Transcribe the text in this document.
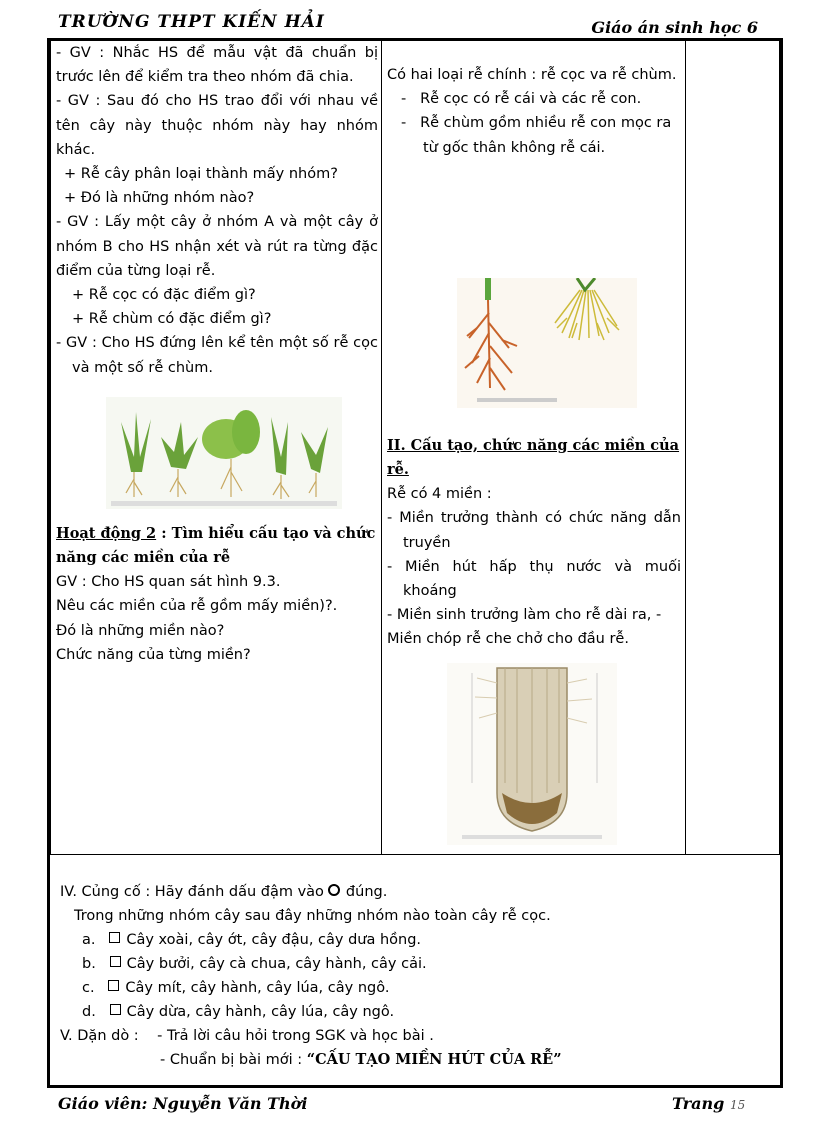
TRƯỜNG THPT KIẾN HẢI	Giáo án sinh học 6

- GV : Nhắc HS để mẫu vật đã chuẩn bị trước lên để kiểm tra theo nhóm đã chia.

- GV : Sau đó cho HS trao đổi với nhau về tên cây này thuộc nhóm này hay nhóm khác.

+ Rễ cây phân loại thành mấy nhóm?

+ Đó là những nhóm nào?

- GV : Lấy một cây ở nhóm A và một cây ở nhóm B cho HS nhận xét và rút ra từng đặc điểm của từng loại rễ.

+ Rễ cọc có đặc điểm gì?

+ Rễ chùm có đặc điểm gì?

- GV : Cho HS đứng lên kể tên một số rễ cọc và một số rễ chùm.

Hoạt động 2 : Tìm hiểu cấu tạo và chức năng các miền của rễ

GV : Cho HS quan sát hình 9.3.

Nêu các miền của rễ gồm mấy miền)?.

Đó là những miền nào?

Chức năng của từng miền?

Có hai loại rễ chính : rễ cọc va rễ chùm.

-   Rễ cọc có rễ cái và các rễ con.

-   Rễ chùm gồm nhiều rễ con mọc ra từ gốc thân không rễ cái.

II. Cấu tạo, chức năng các miền của rễ.

Rễ có 4 miền :

- Miền trưởng thành có chức năng dẫn truyền

- Miền hút hấp thụ nước và muối khoáng

- Miền sinh trưởng làm cho rễ dài ra, - Miền chóp rễ che chở cho đầu rễ.

IV. Củng cố : Hãy đánh dấu đậm vào đúng.

Trong những nhóm cây sau đây những nhóm nào toàn cây rễ cọc.

a. Cây xoài, cây ớt, cây đậu, cây dưa hồng.

b. Cây bưởi, cây cà chua, cây hành, cây cải.

c. Cây mít, cây hành, cây lúa, cây ngô.

d. Cây dừa, cây hành, cây lúa, cây ngô.

V. Dặn dò : - Trả lời câu hỏi trong SGK và học bài .

- Chuẩn bị bài mới : “CẤU TẠO MIỀN HÚT CỦA RỄ”

Giáo viên: Nguyễn Văn Thời	Trang 15
